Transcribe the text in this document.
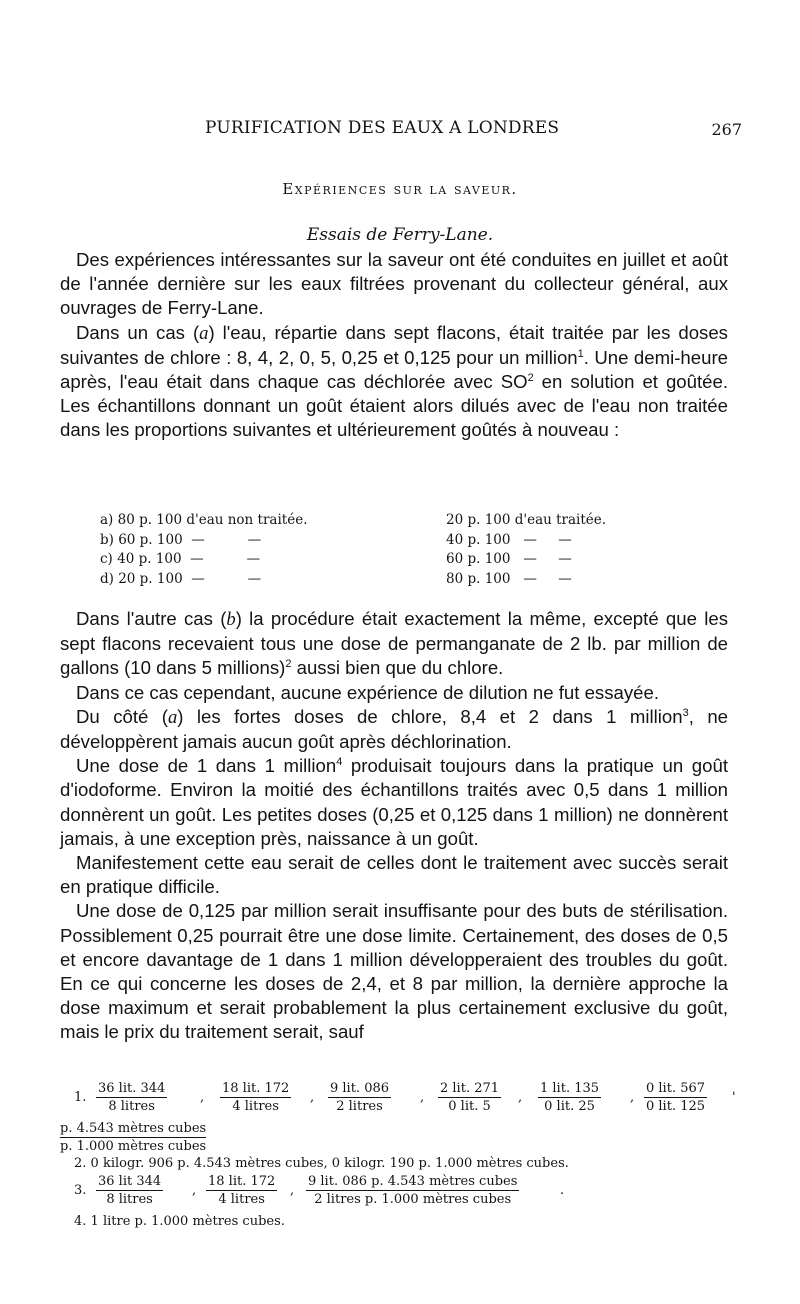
PURIFICATION DES EAUX A LONDRES	267
Expériences sur la saveur.
Essais de Ferry-Lane.

Des expériences intéressantes sur la saveur ont été conduites en juillet et août de l'année dernière sur les eaux filtrées provenant du collecteur général, aux ouvrages de Ferry-Lane.

Dans un cas (a) l'eau, répartie dans sept flacons, était traitée par les doses suivantes de chlore : 8, 4, 2, 0, 5, 0,25 et 0,125 pour un million$^1$. Une demi-heure après, l'eau était dans chaque cas déchlorée avec $SO^2$ en solution et goûtée. Les échantillons donnant un goût étaient alors dilués avec de l'eau non traitée dans les proportions suivantes et ultérieurement goûtés à nouveau :

a) 80 p. 100 d'eau non traitée.	20 p. 100 d'eau traitée.
b) 60 p. 100  —          —	40 p. 100   —     —
c) 40 p. 100  —          —	60 p. 100   —     —
d) 20 p. 100  —          —	80 p. 100   —     —

Dans l'autre cas (b) la procédure était exactement la même, excepté que les sept flacons recevaient tous une dose de permanganate de 2 lb. par million de gallons (10 dans 5 millions)$^2$ aussi bien que du chlore.

Dans ce cas cependant, aucune expérience de dilution ne fut essayée.

Du côté (a) les fortes doses de chlore, 8,4 et 2 dans 1 million$^3$, ne développèrent jamais aucun goût après déchlorination.

Une dose de 1 dans 1 million$^4$ produisait toujours dans la pratique un goût d'iodoforme. Environ la moitié des échantillons traités avec 0,5 dans 1 million donnèrent un goût. Les petites doses (0,25 et 0,125 dans 1 million) ne donnèrent jamais, à une exception près, naissance à un goût.

Manifestement cette eau serait de celles dont le traitement avec succès serait en pratique difficile.

Une dose de 0,125 par million serait insuffisante pour des buts de stérilisation. Possiblement 0,25 pourrait être une dose limite. Certainement, des doses de 0,5 et encore davantage de 1 dans 1 million développeraient des troubles du goût. En ce qui concerne les doses de 2,4, et 8 par million, la dernière approche la dose maximum et serait probablement la plus certainement exclusive du goût, mais le prix du traitement serait, sauf

1.
36 lit. 344
8 litres
,
18 lit. 172
4 litres
,
9 lit. 086
2 litres
,
2 lit. 271
0 lit. 5
,
1 lit. 135
0 lit. 25
,
0 lit. 567
0 lit. 125
'
p. 4.543 mètres cubes
p. 1.000 mètres cubes
2. 0 kilogr. 906 p. 4.543 mètres cubes, 0 kilogr. 190 p. 1.000 mètres cubes.
3.
36 lit 344
8 litres
,
18 lit. 172
4 litres
,
9 lit. 086 p. 4.543 mètres cubes
2 litres p. 1.000 mètres cubes
.
4. 1 litre p. 1.000 mètres cubes.
